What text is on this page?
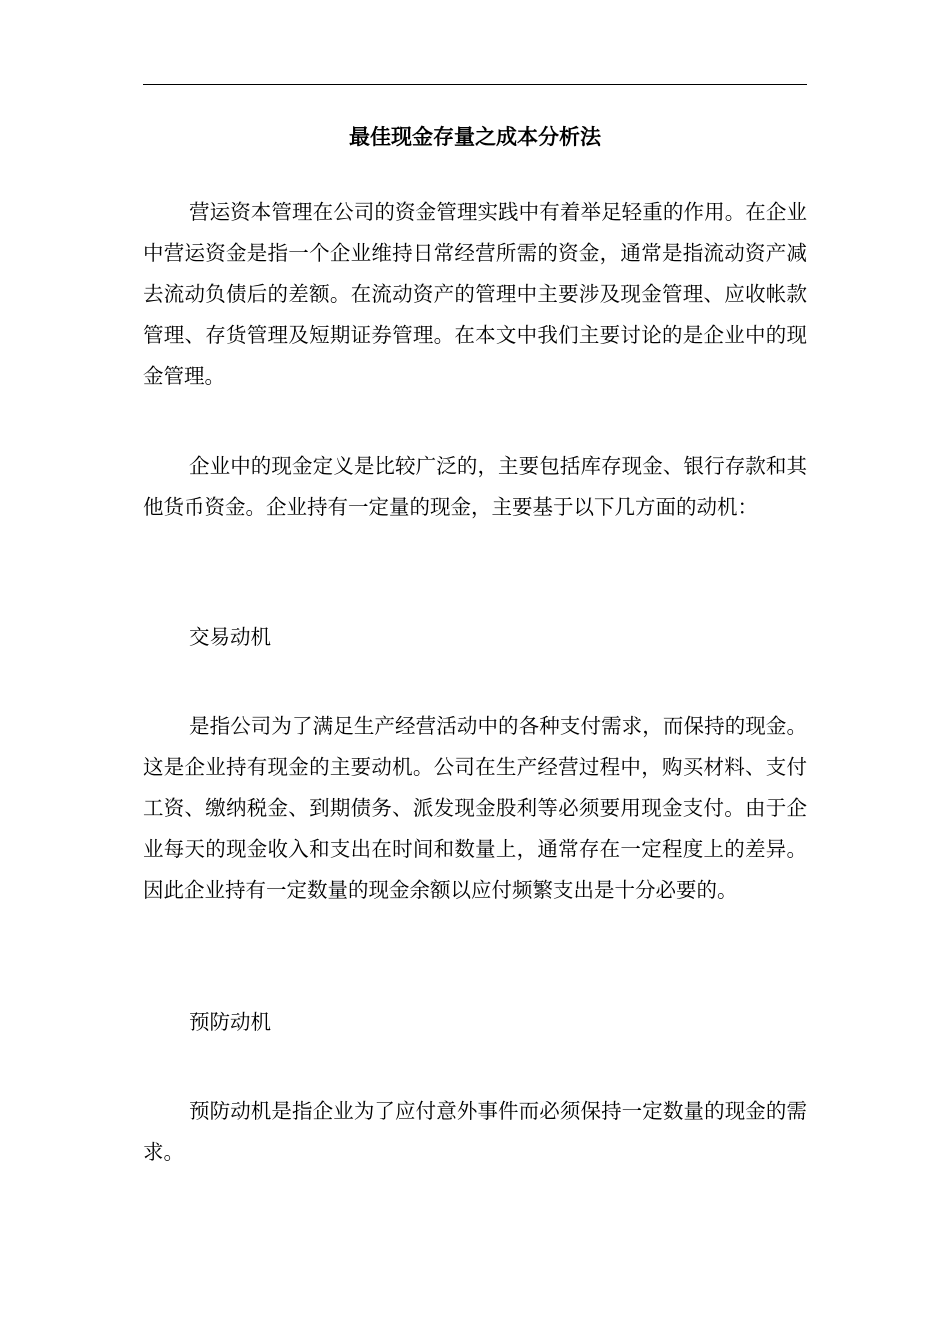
最佳现金存量之成本分析法

营运资本管理在公司的资金管理实践中有着举足轻重的作用。在企业中营运资金是指一个企业维持日常经营所需的资金，通常是指流动资产减去流动负债后的差额。在流动资产的管理中主要涉及现金管理、应收帐款管理、存货管理及短期证券管理。在本文中我们主要讨论的是企业中的现金管理。

企业中的现金定义是比较广泛的，主要包括库存现金、银行存款和其他货币资金。企业持有一定量的现金，主要基于以下几方面的动机：

交易动机

是指公司为了满足生产经营活动中的各种支付需求，而保持的现金。这是企业持有现金的主要动机。公司在生产经营过程中，购买材料、支付工资、缴纳税金、到期债务、派发现金股利等必须要用现金支付。由于企业每天的现金收入和支出在时间和数量上，通常存在一定程度上的差异。因此企业持有一定数量的现金余额以应付频繁支出是十分必要的。

预防动机

预防动机是指企业为了应付意外事件而必须保持一定数量的现金的需求。
